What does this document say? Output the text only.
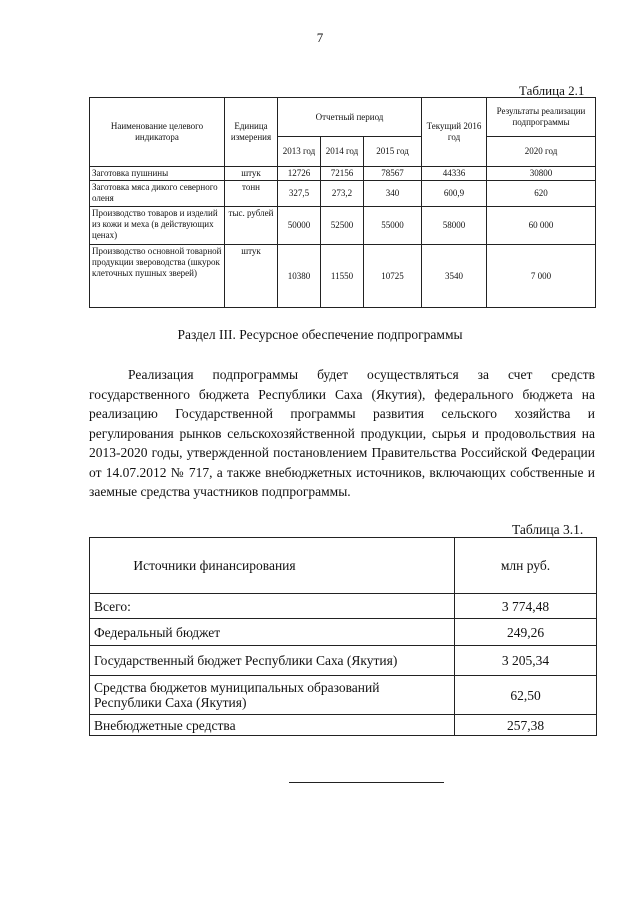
7
Таблица 2.1
Наименование целевого индикатора	Единица измерения	Отчетный период			Текущий 2016 год	Результаты реализации подпрограммы
		2013 год	2014 год	2015 год		2020 год
Заготовка пушнины	штук	12726	72156	78567	44336	30800
Заготовка мяса дикого северного оленя	тонн	327,5	273,2	340	600,9	620
Производство товаров и изделий из кожи и меха (в действующих ценах)	тыс. рублей	50000	52500	55000	58000	60 000
Производство основной товарной продукции звероводства (шкурок клеточных пушных зверей)	штук	10380	11550	10725	3540	7 000
Раздел III. Ресурсное обеспечение подпрограммы

Реализация подпрограммы будет осуществляться за счет средств государственного бюджета Республики Саха (Якутия), федерального бюджета на реализацию Государственной программы развития сельского хозяйства и регулирования рынков сельскохозяйственной продукции, сырья и продовольствия на 2013-2020 годы, утвержденной постановлением Правительства Российской Федерации от 14.07.2012 № 717, а также внебюджетных источников, включающих собственные и заемные средства участников подпрограммы.

Таблица 3.1.
Источники финансирования	млн руб.
Всего:	3 774,48
Федеральный бюджет	249,26
Государственный бюджет Республики Саха (Якутия)	3 205,34
Средства бюджетов муниципальных образований Республики Саха (Якутия)	62,50
Внебюджетные средства	257,38
